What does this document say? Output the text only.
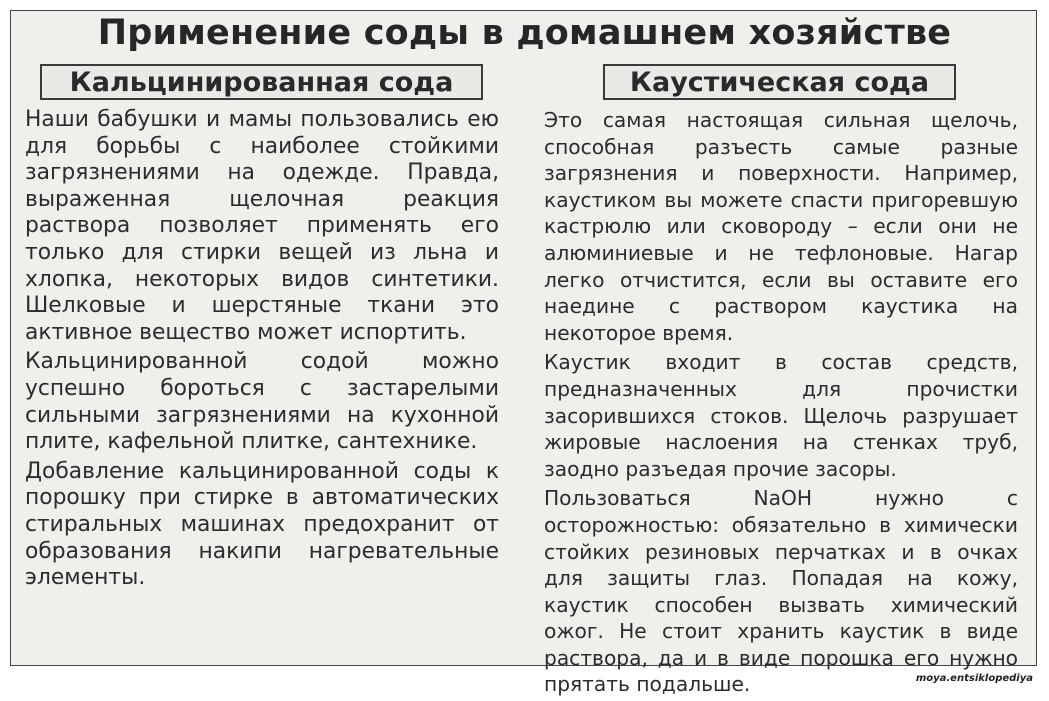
Применение соды в домашнем хозяйстве
Кальцинированная сода	Каустическая сода

Наши бабушки и мамы пользовались ею для борьбы с наиболее стойкими загрязнениями на одежде. Правда, выраженная щелочная реакция раствора позволяет применять его только для стирки вещей из льна и хлопка, некоторых видов синтетики. Шелковые и шерстяные ткани это активное вещество может испортить.

Кальцинированной содой можно успешно бороться с застарелыми сильными загрязнениями на кухонной плите, кафельной плитке, сантехнике.

Добавление кальцинированной соды к порошку при стирке в автоматических стиральных машинах предохранит от образования накипи нагревательные элементы.

Это самая настоящая сильная щелочь, способная разъесть самые разные загрязнения и поверхности. Например, каустиком вы можете спасти пригоревшую кастрюлю или сковороду – если они не алюминиевые и не тефлоновые. Нагар легко отчистится, если вы оставите его наедине с раствором каустика на некоторое время.

Каустик входит в состав средств, предназначенных для прочистки засорившихся стоков. Щелочь разрушает жировые наслоения на стенках труб, заодно разъедая прочие засоры.

Пользоваться NaOH нужно с осторожностью: обязательно в химически стойких резиновых перчатках и в очках для защиты глаз. Попадая на кожу, каустик способен вызвать химический ожог. Не стоит хранить каустик в виде раствора, да и в виде порошка его нужно прятать подальше.	moya.entsiklopediya
